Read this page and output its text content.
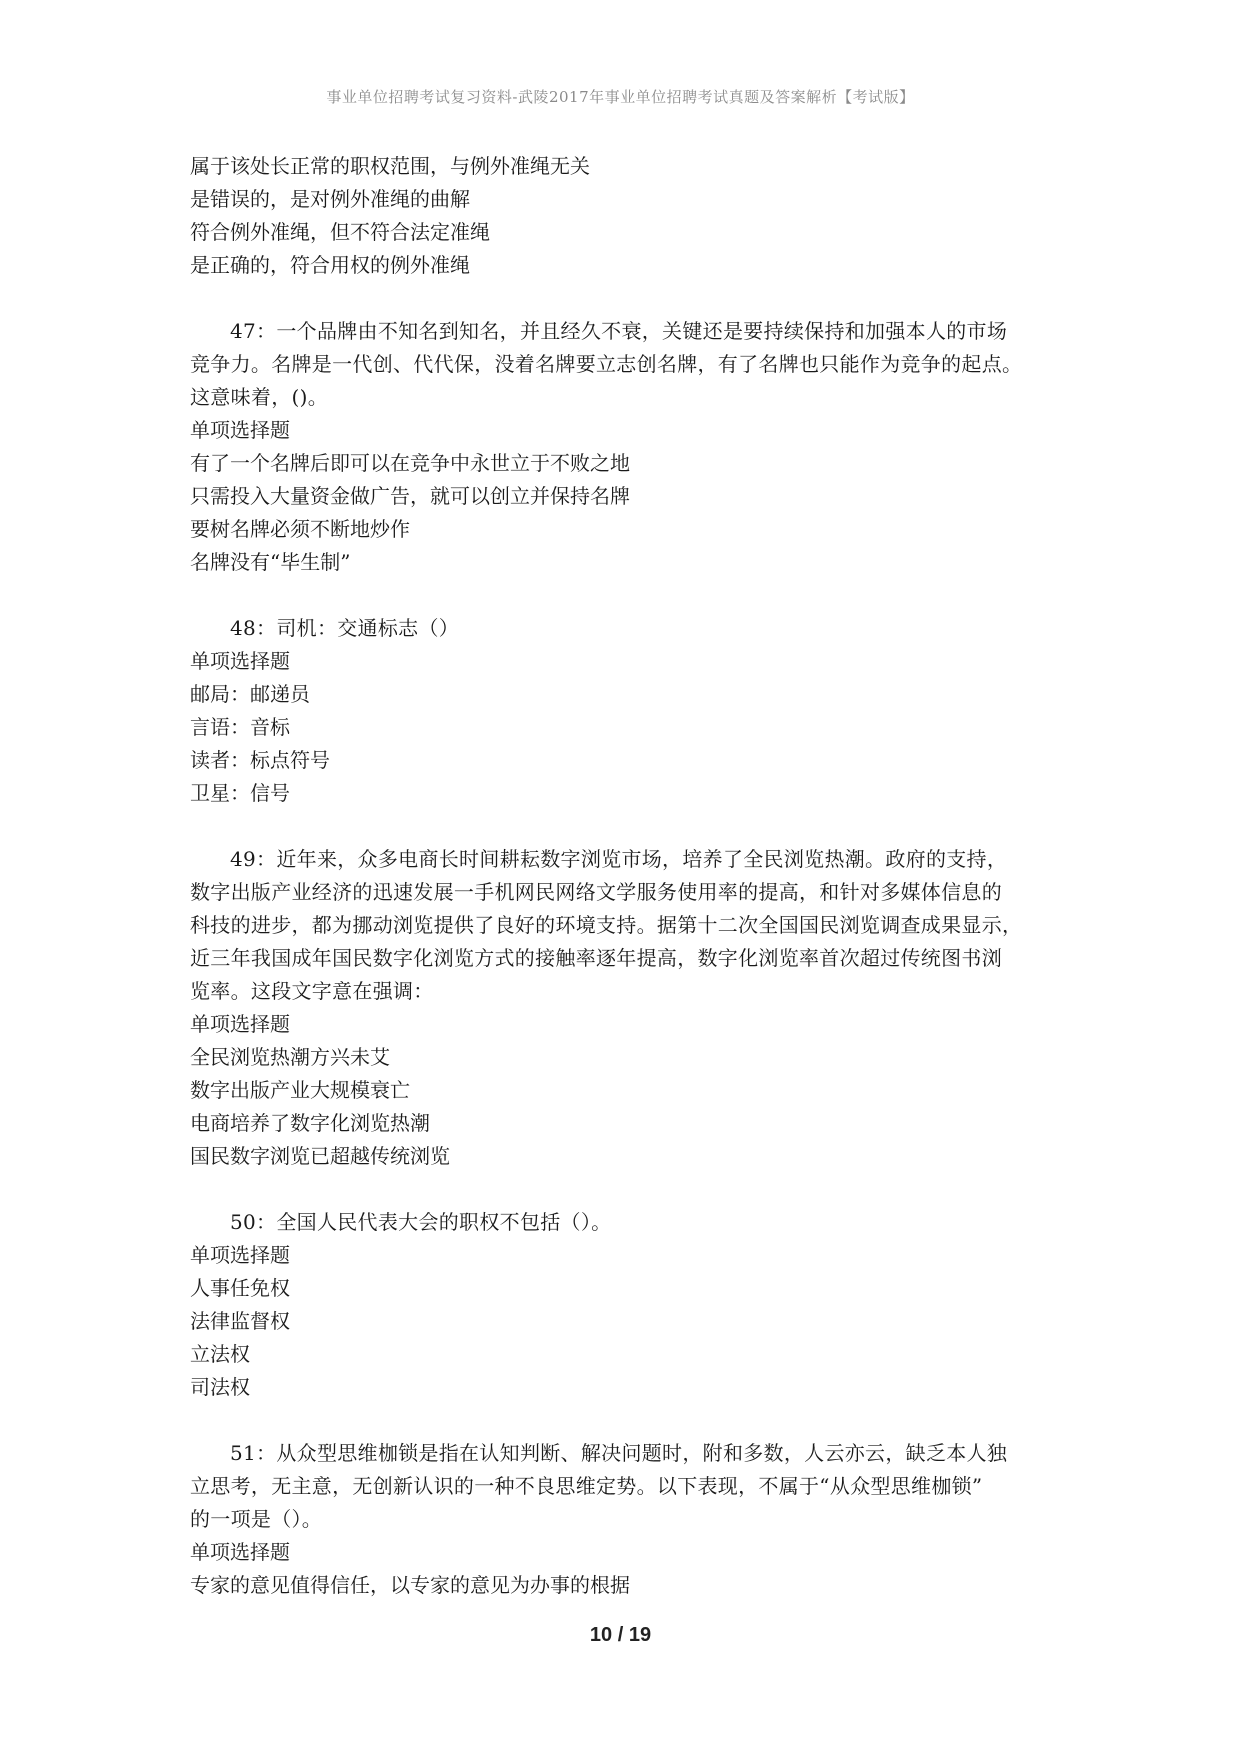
事业单位招聘考试复习资料-武陵2017年事业单位招聘考试真题及答案解析【考试版】
属于该处长正常的职权范围，与例外准绳无关
是错误的，是对例外准绳的曲解
符合例外准绳，但不符合法定准绳
是正确的，符合用权的例外准绳
47：一个品牌由不知名到知名，并且经久不衰，关键还是要持续保持和加强本人的市场
竞争力。名牌是一代创、代代保，没着名牌要立志创名牌，有了名牌也只能作为竞争的起点。
这意味着，()。
单项选择题
有了一个名牌后即可以在竞争中永世立于不败之地
只需投入大量资金做广告，就可以创立并保持名牌
要树名牌必须不断地炒作
名牌没有“毕生制”
48：司机：交通标志（）
单项选择题
邮局：邮递员
言语：音标
读者：标点符号
卫星：信号
49：近年来，众多电商长时间耕耘数字浏览市场，培养了全民浏览热潮。政府的支持，
数字出版产业经济的迅速发展一手机网民网络文学服务使用率的提高，和针对多媒体信息的
科技的进步，都为挪动浏览提供了良好的环境支持。据第十二次全国国民浏览调查成果显示，
近三年我国成年国民数字化浏览方式的接触率逐年提高，数字化浏览率首次超过传统图书浏
览率。这段文字意在强调：
单项选择题
全民浏览热潮方兴未艾
数字出版产业大规模衰亡
电商培养了数字化浏览热潮
国民数字浏览已超越传统浏览
50：全国人民代表大会的职权不包括（）。
单项选择题
人事任免权
法律监督权
立法权
司法权
51：从众型思维枷锁是指在认知判断、解决问题时，附和多数，人云亦云，缺乏本人独
立思考，无主意，无创新认识的一种不良思维定势。以下表现，不属于“从众型思维枷锁”
的一项是（）。
单项选择题
专家的意见值得信任，以专家的意见为办事的根据
10 / 19
